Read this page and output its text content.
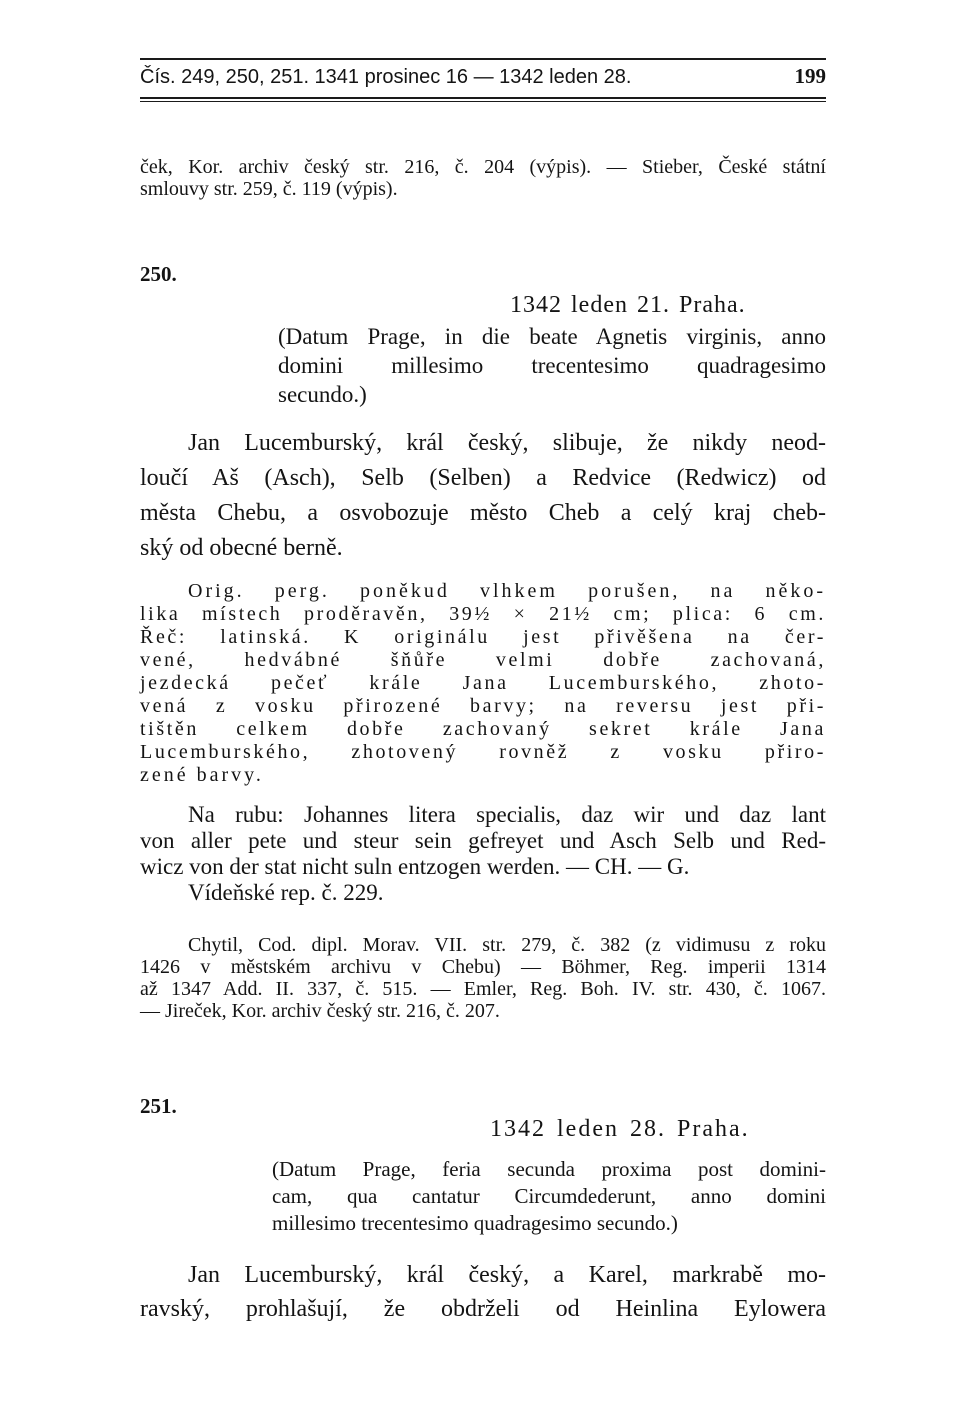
Čís. 249, 250, 251. 1341 prosinec 16 — 1342 leden 28.	199
ček, Kor. archiv český str. 216, č. 204 (výpis). — Stieber, České státní
smlouvy str. 259, č. 119 (výpis).
250.
1342 leden 21. Praha.
(Datum Prage, in die beate Agnetis virginis, anno
domini millesimo trecentesimo quadragesimo
secundo.)
Jan Lucemburský, král český, slibuje, že nikdy neod-
loučí Aš (Asch), Selb (Selben) a Redvice (Redwicz) od
města Chebu, a osvobozuje město Cheb a celý kraj cheb-
ský od obecné berně.
Orig. perg. poněkud vlhkem porušen, na něko-
lika místech proděravěn, 39½ × 21½ cm; plica: 6 cm.
Řeč: latinská. K originálu jest přivěšena na čer-
vené, hedvábné šňůře velmi dobře zachovaná,
jezdecká pečeť krále Jana Lucemburského, zhoto-
vená z vosku přirozené barvy; na reversu jest při-
tištěn celkem dobře zachovaný sekret krále Jana
Lucemburského, zhotovený rovněž z vosku přiro-
zené barvy.
Na rubu: Johannes litera specialis, daz wir und daz lant
von aller pete und steur sein gefreyet und Asch Selb und Red-
wicz von der stat nicht suln entzogen werden. — CH. — G.
Vídeňské rep. č. 229.
Chytil, Cod. dipl. Morav. VII. str. 279, č. 382 (z vidimusu z roku
1426 v městském archivu v Chebu) — Böhmer, Reg. imperii 1314
až 1347 Add. II. 337, č. 515. — Emler, Reg. Boh. IV. str. 430, č. 1067.
— Jireček, Kor. archiv český str. 216, č. 207.
251.
1342 leden 28. Praha.
(Datum Prage, feria secunda proxima post domini-
cam, qua cantatur Circumdederunt, anno domini
millesimo trecentesimo quadragesimo secundo.)
Jan Lucemburský, král český, a Karel, markrabě mo-
ravský, prohlašují, že obdrželi od Heinlina Eylowera
